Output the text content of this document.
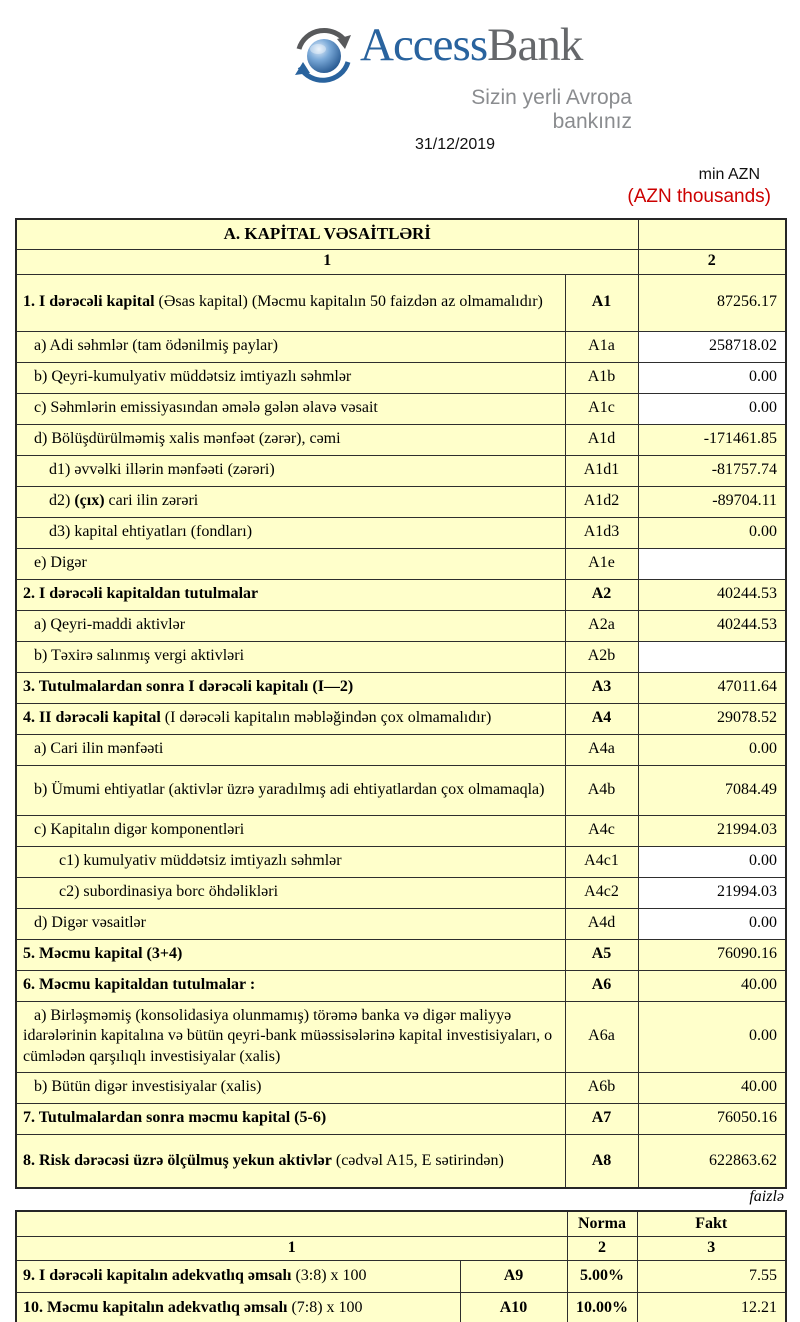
AccessBank
Sizin yerli Avropa bankınız
31/12/2019
min AZN
(AZN thousands)
A. KAPİTAL VƏSAİTLƏRİ		
1		2
1. I dərəcəli kapital (Əsas kapital) (Məcmu kapitalın 50 faizdən az olmamalıdır)	A1	87256.17
a) Adi səhmlər (tam ödənilmiş paylar)	A1a	258718.02
b) Qeyri-kumulyativ müddətsiz imtiyazlı səhmlər	A1b	0.00
c) Səhmlərin emissiyasından əmələ gələn əlavə vəsait	A1c	0.00
d) Bölüşdürülməmiş xalis mənfəət (zərər), cəmi	A1d	-171461.85
d1) əvvəlki illərin mənfəəti (zərəri)	A1d1	-81757.74
d2) (çıx) cari ilin zərəri	A1d2	-89704.11
d3) kapital ehtiyatları (fondları)	A1d3	0.00
e) Digər	A1e	
2. I dərəcəli kapitaldan tutulmalar	A2	40244.53
a) Qeyri-maddi aktivlər	A2a	40244.53
b) Təxirə salınmış vergi aktivləri	A2b	
3. Tutulmalardan sonra I dərəcəli kapitalı (I—2)	A3	47011.64
4. II dərəcəli kapital (I dərəcəli kapitalın məbləğindən çox olmamalıdır)	A4	29078.52
a) Cari ilin mənfəəti	A4a	0.00
b) Ümumi ehtiyatlar (aktivlər üzrə yaradılmış adi ehtiyatlardan çox olmamaqla)	A4b	7084.49
c) Kapitalın digər komponentləri	A4c	21994.03
c1) kumulyativ müddətsiz imtiyazlı səhmlər	A4c1	0.00
c2) subordinasiya borc öhdəlikləri	A4c2	21994.03
d) Digər vəsaitlər	A4d	0.00
5. Məcmu kapital (3+4)	A5	76090.16
6. Məcmu kapitaldan tutulmalar :	A6	40.00
a) Birləşməmiş (konsolidasiya olunmamış) törəmə banka və digər maliyyə idarələrinin kapitalına və bütün qeyri-bank müəssisələrinə kapital investisiyaları, o cümlədən qarşılıqlı investisiyalar (xalis)	A6a	0.00
b) Bütün digər investisiyalar (xalis)	A6b	40.00
7. Tutulmalardan sonra məcmu kapital (5-6)	A7	76050.16
8. Risk dərəcəsi üzrə ölçülmuş yekun aktivlər (cədvəl A15, E sətirindən)	A8	622863.62
faizlə
		Norma	Fakt
1		2	3
9. I dərəcəli kapitalın adekvatlıq əmsalı (3:8) x 100	A9	5.00%	7.55
10. Məcmu kapitalın adekvatlıq əmsalı (7:8) x 100	A10	10.00%	12.21
